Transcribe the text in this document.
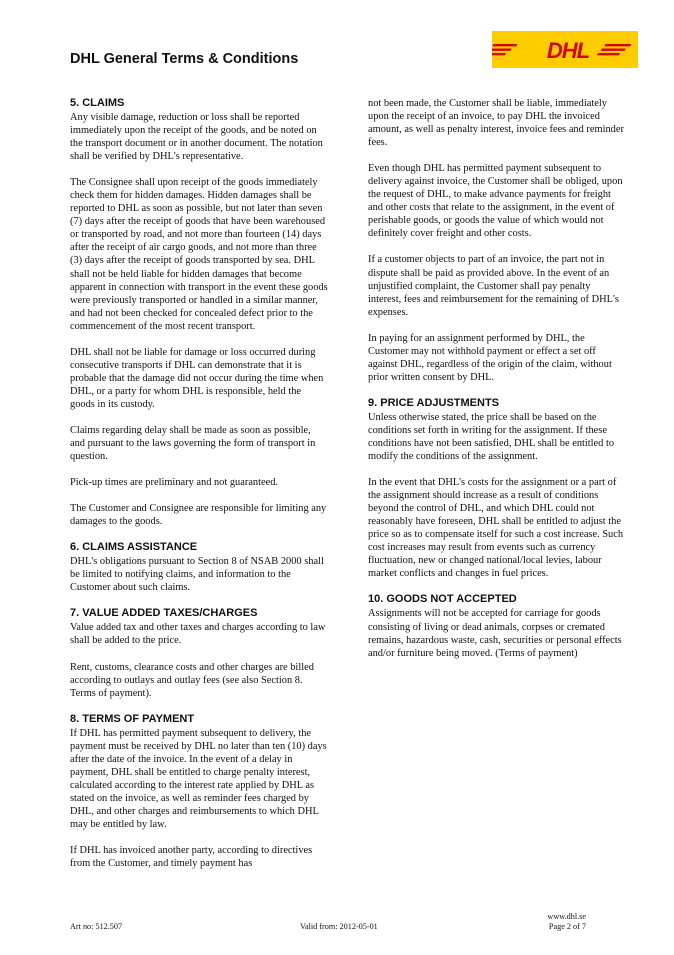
DHL General Terms & Conditions	DHL
5. CLAIMS

Any visible damage, reduction or loss shall be reported immediately upon the receipt of the goods, and be noted on the transport document or in another document. The notation shall be verified by DHL's representative.

The Consignee shall upon receipt of the goods immediately check them for hidden damages. Hidden damages shall be reported to DHL as soon as possible, but not later than seven (7) days after the receipt of goods that have been warehoused or transported by road, and not more than fourteen (14) days after the receipt of air cargo goods, and not more than three (3) days after the receipt of goods transported by sea. DHL shall not be held liable for hidden damages that become apparent in connection with transport in the event these goods were previously transported or handled in a similar manner, and had not been checked for concealed defect prior to the commencement of the most recent transport.

DHL shall not be liable for damage or loss occurred during consecutive transports if DHL can demonstrate that it is probable that the damage did not occur during the time when DHL, or a party for whom DHL is responsible, held the goods in its custody.

Claims regarding delay shall be made as soon as possible, and pursuant to the laws governing the form of transport in question.

Pick-up times are preliminary and not guaranteed.

The Customer and Consignee are responsible for limiting any damages to the goods.

6. CLAIMS ASSISTANCE

DHL's obligations pursuant to Section 8 of NSAB 2000 shall be limited to notifying claims, and information to the Customer about such claims.

7. VALUE ADDED TAXES/CHARGES

Value added tax and other taxes and charges according to law shall be added to the price.

Rent, customs, clearance costs and other charges are billed according to outlays and outlay fees (see also Section 8. Terms of payment).

8. TERMS OF PAYMENT

If DHL has permitted payment subsequent to delivery, the payment must be received by DHL no later than ten (10) days after the date of the invoice. In the event of a delay in payment, DHL shall be entitled to charge penalty interest, calculated according to the interest rate applied by DHL as stated on the invoice, as well as reminder fees charged by DHL, and other charges and reimbursements to which DHL may be entitled by law.

If DHL has invoiced another party, according to directives from the Customer, and timely payment has

not been made, the Customer shall be liable, immediately upon the receipt of an invoice, to pay DHL the invoiced amount, as well as penalty interest, invoice fees and reminder fees.

Even though DHL has permitted payment subsequent to delivery against invoice, the Customer shall be obliged, upon the request of DHL, to make advance payments for freight and other costs that relate to the assignment, in the event of perishable goods, or goods the value of which would not definitely cover freight and other costs.

If a customer objects to part of an invoice, the part not in dispute shall be paid as provided above. In the event of an unjustified complaint, the Customer shall pay penalty interest, fees and reimbursement for the remaining of DHL's expenses.

In paying for an assignment performed by DHL, the Customer may not withhold payment or effect a set off against DHL, regardless of the origin of the claim, without prior written consent by DHL.

9. PRICE ADJUSTMENTS

Unless otherwise stated, the price shall be based on the conditions set forth in writing for the assignment. If these conditions have not been satisfied, DHL shall be entitled to modify the conditions of the assignment.

In the event that DHL's costs for the assignment or a part of the assignment should increase as a result of conditions beyond the control of DHL, and which DHL could not reasonably have foreseen, DHL shall be entitled to adjust the price so as to compensate itself for such a cost increase. Such cost increases may result from events such as currency fluctuation, new or changed national/local levies, labour market conflicts and changes in fuel prices.

10. GOODS NOT ACCEPTED

Assignments will not be accepted for carriage for goods consisting of living or dead animals, corpses or cremated remains, hazardous waste, cash, securities or personal effects and/or furniture being moved. (Terms of payment)

Art no: 512.507	Valid from: 2012-05-01
www.dhl.se
Page 2 of 7
